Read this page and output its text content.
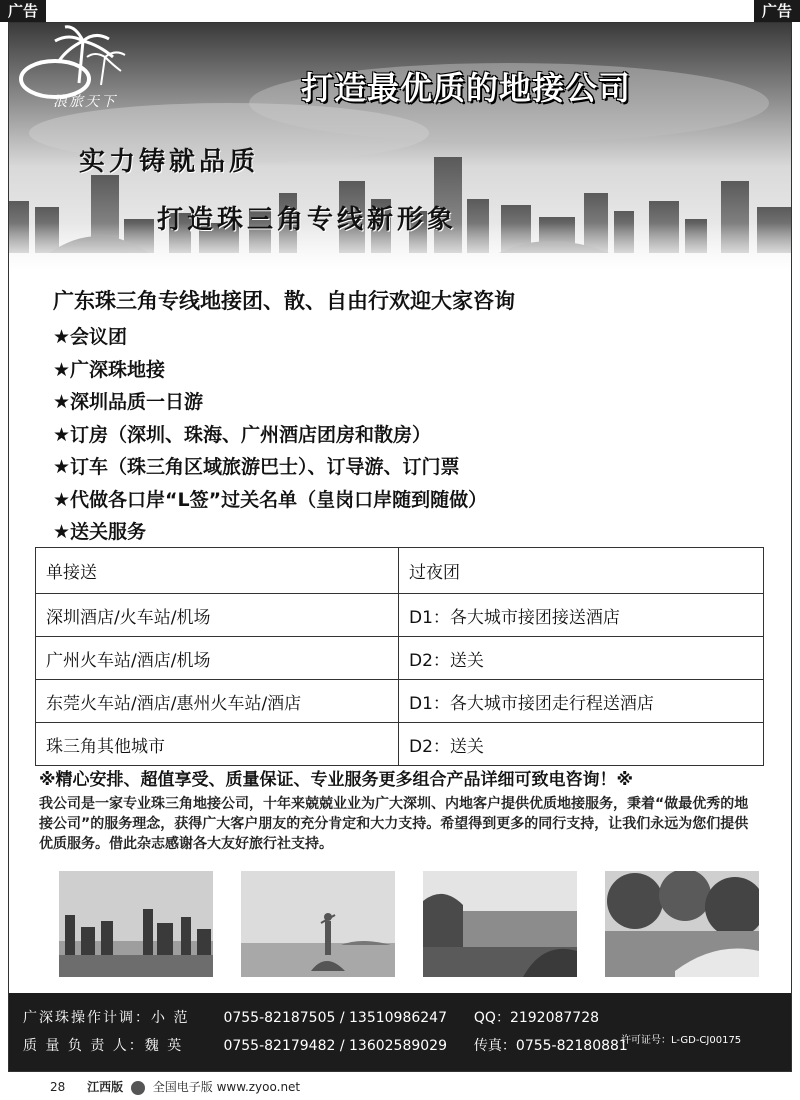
广告	广告
浪旅天下	打造最优质的地接公司
实力铸就品质
打造珠三角专线新形象
广东珠三角专线地接团、散、自由行欢迎大家咨询
★会议团
★广深珠地接
★深圳品质一日游
★订房（深圳、珠海、广州酒店团房和散房）
★订车（珠三角区域旅游巴士）、订导游、订门票
★代做各口岸“L签”过关名单（皇岗口岸随到随做）
★送关服务
单接送	过夜团
深圳酒店/火车站/机场	D1：各大城市接团接送酒店
广州火车站/酒店/机场	D2：送关
东莞火车站/酒店/惠州火车站/酒店	D1：各大城市接团走行程送酒店
珠三角其他城市	D2：送关
※精心安排、超值享受、质量保证、专业服务更多组合产品详细可致电咨询！※
我公司是一家专业珠三角地接公司，十年来兢兢业业为广大深圳、内地客户提供优质地接服务，秉着“做最优秀的地接公司”的服务理念，获得广大客户朋友的充分肯定和大力支持。希望得到更多的同行支持，让我们永远为您们提供优质服务。借此杂志感谢各大友好旅行社支持。
广深珠操作计调：小 范 0755-82187505 / 13510986247 QQ：2192087728
质 量 负 责 人：魏 英	0755-82179482 / 13602589029 传真：0755-82180881
许可证号：L-GD-CJ00175
28 江西版 全国电子版 www.zyoo.net
